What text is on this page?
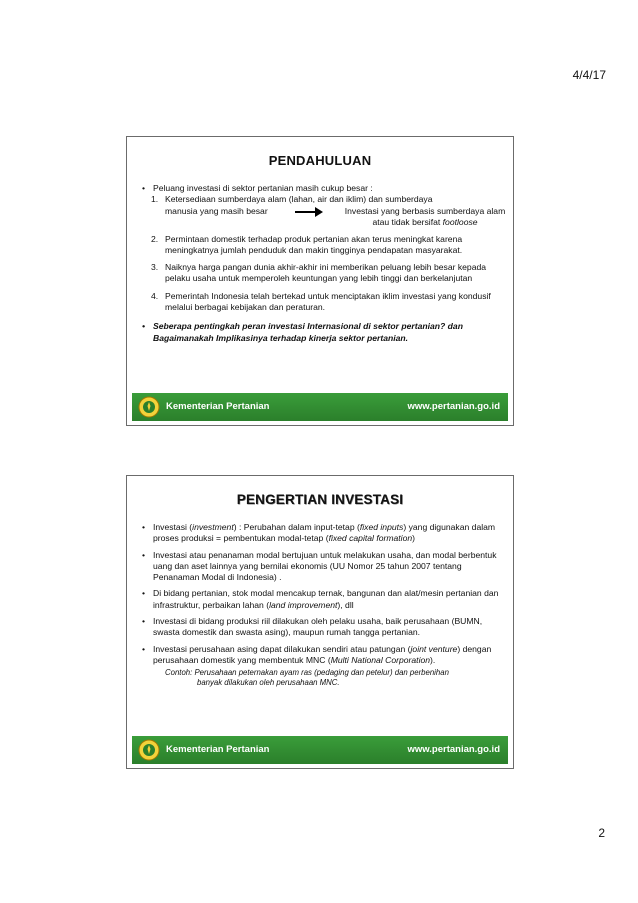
4/4/17
PENDAHULUAN
• Peluang investasi di sektor pertanian masih cukup besar :
1. Ketersediaan sumberdaya alam (lahan, air dan iklim) dan sumberdaya
manusia yang masih besar	Investasi yang berbasis sumberdaya alam
atau tidak bersifat footloose
2. Permintaan domestik terhadap produk pertanian akan terus meningkat karena meningkatnya jumlah penduduk dan makin tingginya pendapatan masyarakat.
3. Naiknya harga pangan dunia akhir-akhir ini memberikan peluang lebih besar kepada pelaku usaha untuk memperoleh keuntungan yang lebih tinggi dan berkelanjutan
4. Pemerintah Indonesia telah bertekad untuk menciptakan iklim investasi yang kondusif melalui berbagai kebijakan dan peraturan.
• Seberapa pentingkah peran investasi Internasional di sektor pertanian? dan Bagaimanakah Implikasinya terhadap kinerja sektor pertanian.
Kementerian Pertanian	www.pertanian.go.id
PENGERTIAN INVESTASI
• Investasi (investment) : Perubahan dalam input-tetap (fixed inputs) yang digunakan dalam proses produksi = pembentukan modal-tetap (fixed capital formation)
• Investasi atau penanaman modal bertujuan untuk melakukan usaha, dan modal berbentuk uang dan aset lainnya yang bernilai ekonomis (UU Nomor 25 tahun 2007 tentang Penanaman Modal di Indonesia) .
• Di bidang pertanian, stok modal mencakup ternak, bangunan dan alat/mesin pertanian dan infrastruktur, perbaikan lahan (land improvement), dll
• Investasi di bidang produksi riil dilakukan oleh pelaku usaha, baik perusahaan (BUMN, swasta domestik dan swasta asing), maupun rumah tangga pertanian.
• Investasi perusahaan asing dapat dilakukan sendiri atau patungan (joint venture) dengan perusahaan domestik yang membentuk MNC (Multi National Corporation).
Contoh: Perusahaan peternakan ayam ras (pedaging dan petelur) dan perbenihan
banyak dilakukan oleh perusahaan MNC.
Kementerian Pertanian	www.pertanian.go.id
2
